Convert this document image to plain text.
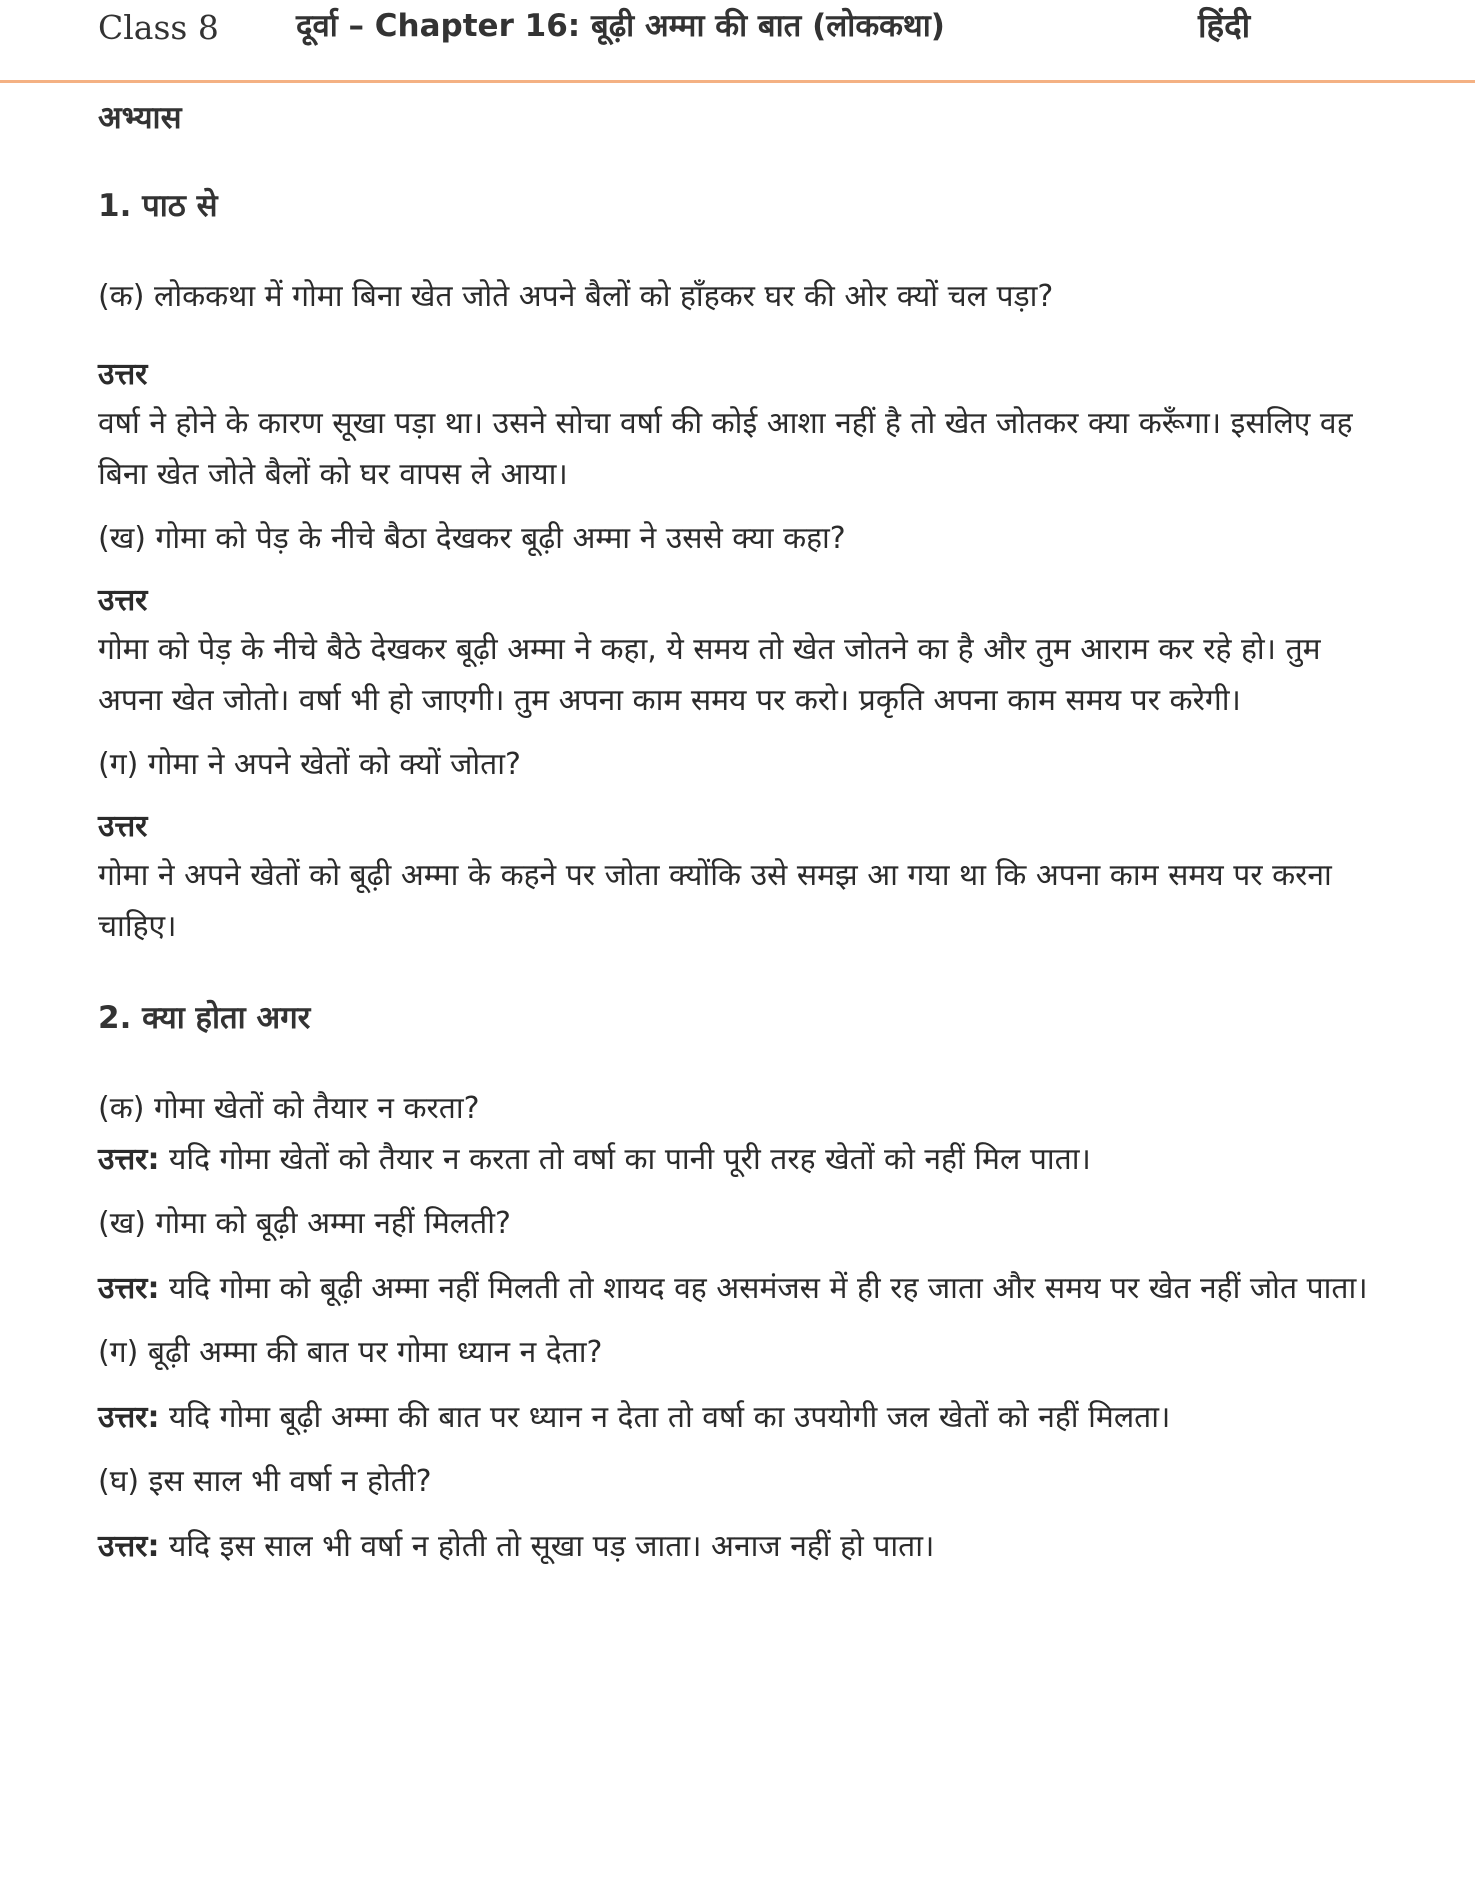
Class 8 दूर्वा – Chapter 16: बूढ़ी अम्मा की बात (लोककथा)	हिंदी

अभ्यास

1. पाठ से

(क) लोककथा में गोमा बिना खेत जोते अपने बैलों को हाँहकर घर की ओर क्यों चल पड़ा?

उत्तर

वर्षा ने होने के कारण सूखा पड़ा था। उसने सोचा वर्षा की कोई आशा नहीं है तो खेत जोतकर क्या करूँगा। इसलिए वह बिना खेत जोते बैलों को घर वापस ले आया।

(ख) गोमा को पेड़ के नीचे बैठा देखकर बूढ़ी अम्मा ने उससे क्या कहा?

उत्तर

गोमा को पेड़ के नीचे बैठे देखकर बूढ़ी अम्मा ने कहा, ये समय तो खेत जोतने का है और तुम आराम कर रहे हो। तुम अपना खेत जोतो। वर्षा भी हो जाएगी। तुम अपना काम समय पर करो। प्रकृति अपना काम समय पर करेगी।

(ग) गोमा ने अपने खेतों को क्यों जोता?

उत्तर

गोमा ने अपने खेतों को बूढ़ी अम्मा के कहने पर जोता क्योंकि उसे समझ आ गया था कि अपना काम समय पर करना चाहिए।

2. क्या होता अगर

(क) गोमा खेतों को तैयार न करता?

उत्तर: यदि गोमा खेतों को तैयार न करता तो वर्षा का पानी पूरी तरह खेतों को नहीं मिल पाता।

(ख) गोमा को बूढ़ी अम्मा नहीं मिलती?

उत्तर: यदि गोमा को बूढ़ी अम्मा नहीं मिलती तो शायद वह असमंजस में ही रह जाता और समय पर खेत नहीं जोत पाता।

(ग) बूढ़ी अम्मा की बात पर गोमा ध्यान न देता?

उत्तर: यदि गोमा बूढ़ी अम्मा की बात पर ध्यान न देता तो वर्षा का उपयोगी जल खेतों को नहीं मिलता।

(घ) इस साल भी वर्षा न होती?

उत्तर: यदि इस साल भी वर्षा न होती तो सूखा पड़ जाता। अनाज नहीं हो पाता।
